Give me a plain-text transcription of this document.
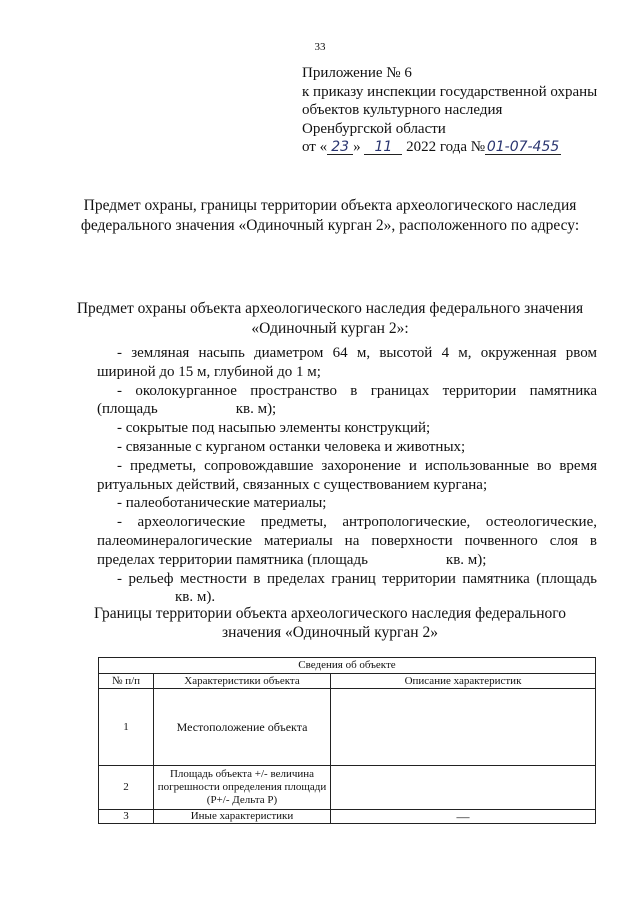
33
Приложение № 6
к приказу инспекции государственной охраны
объектов культурного наследия
Оренбургской области
от « 23 » 11 2022 года № 01-07-455
Предмет охраны, границы территории объекта археологического наследия
федерального значения «Одиночный курган 2», расположенного по адресу:
Предмет охраны объекта археологического наследия федерального значения
«Одиночный курган 2»:

- земляная насыпь диаметром 64 м, высотой 4 м, окруженная рвом шириной до 15 м, глубиной до 1 м;

- околокурганное пространство в границах территории памятника (площадь	кв. м);

- сокрытые под насыпью элементы конструкций;

- связанные с курганом останки человека и животных;

- предметы, сопровождавшие захоронение и использованные во время ритуальных действий, связанных с существованием кургана;

- палеоботанические материалы;

- археологические предметы, антропологические, остеологические, палеоминералогические материалы на поверхности почвенного слоя в пределах территории памятника (площадь	кв. м);

- рельеф местности в пределах границ территории памятника (площадькв. м).

Границы территории объекта археологического наследия федерального
значения «Одиночный курган 2»
Сведения об объекте		
№ п/п	Характеристики объекта	Описание характеристик
1	Местоположение объекта	
2	Площадь объекта +/- величина погрешности определения площади (P+/- Дельта P)	
3	Иные характеристики	—
